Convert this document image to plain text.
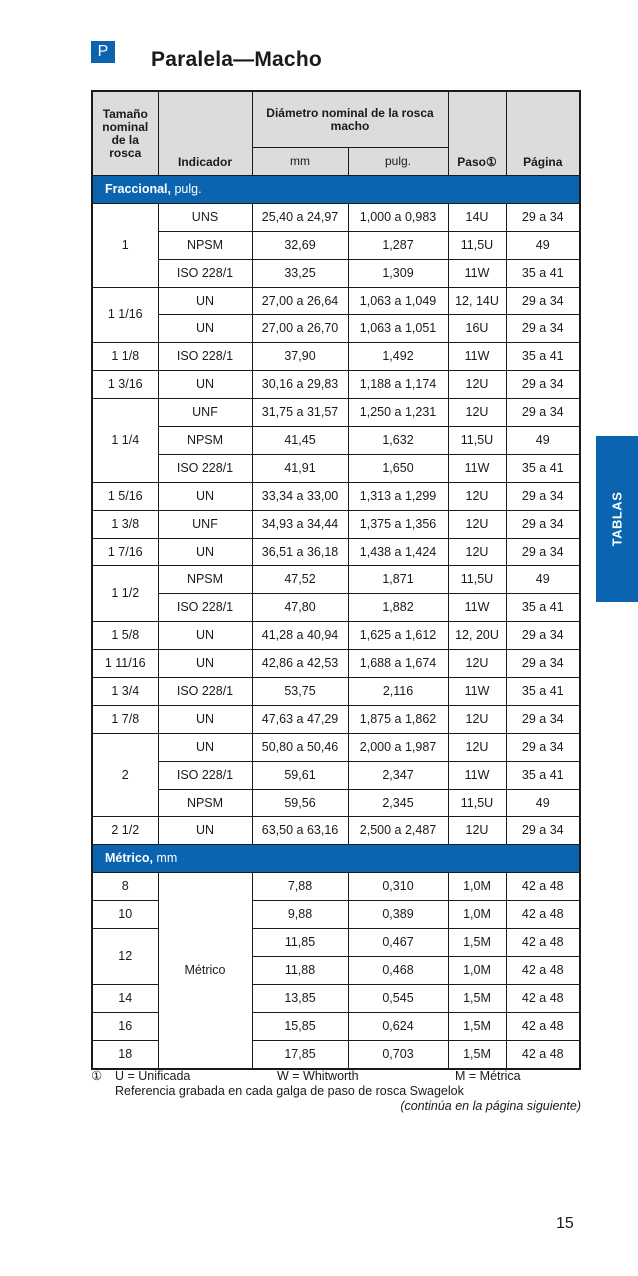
P	Paralela—Macho
Tamaño nominal de la rosca	Indicador	Diámetro nominal de la rosca macho		Paso①	Página
		mm	pulg.		
Fraccional, pulg.					
1	UNS	25,40 a 24,97	1,000 a 0,983	14U	29 a 34
	NPSM	32,69	1,287	11,5U	49
	ISO 228/1	33,25	1,309	11W	35 a 41
1 1/16	UN	27,00 a 26,64	1,063 a 1,049	12, 14U	29 a 34
	UN	27,00 a 26,70	1,063 a 1,051	16U	29 a 34
1 1/8	ISO 228/1	37,90	1,492	11W	35 a 41
1 3/16	UN	30,16 a 29,83	1,188 a 1,174	12U	29 a 34
1 1/4	UNF	31,75 a 31,57	1,250 a 1,231	12U	29 a 34
	NPSM	41,45	1,632	11,5U	49
	ISO 228/1	41,91	1,650	11W	35 a 41
1 5/16	UN	33,34 a 33,00	1,313 a 1,299	12U	29 a 34
1 3/8	UNF	34,93 a 34,44	1,375 a 1,356	12U	29 a 34
1 7/16	UN	36,51 a 36,18	1,438 a 1,424	12U	29 a 34
1 1/2	NPSM	47,52	1,871	11,5U	49
	ISO 228/1	47,80	1,882	11W	35 a 41
1 5/8	UN	41,28 a 40,94	1,625 a 1,612	12, 20U	29 a 34
1 11/16	UN	42,86 a 42,53	1,688 a 1,674	12U	29 a 34
1 3/4	ISO 228/1	53,75	2,116	11W	35 a 41
1 7/8	UN	47,63 a 47,29	1,875 a 1,862	12U	29 a 34
2	UN	50,80 a 50,46	2,000 a 1,987	12U	29 a 34
	ISO 228/1	59,61	2,347	11W	35 a 41
	NPSM	59,56	2,345	11,5U	49
2 1/2	UN	63,50 a 63,16	2,500 a 2,487	12U	29 a 34
Métrico, mm					
8	Métrico	7,88	0,310	1,0M	42 a 48
10		9,88	0,389	1,0M	42 a 48
12		11,85	0,467	1,5M	42 a 48
		11,88	0,468	1,0M	42 a 48
14		13,85	0,545	1,5M	42 a 48
16		15,85	0,624	1,5M	42 a 48
18		17,85	0,703	1,5M	42 a 48
① U = Unificada	W = Whitworth	M = Métrica
Referencia grabada en cada galga de paso de rosca Swagelok
(continúa en la página siguiente)
TABLAS
15
